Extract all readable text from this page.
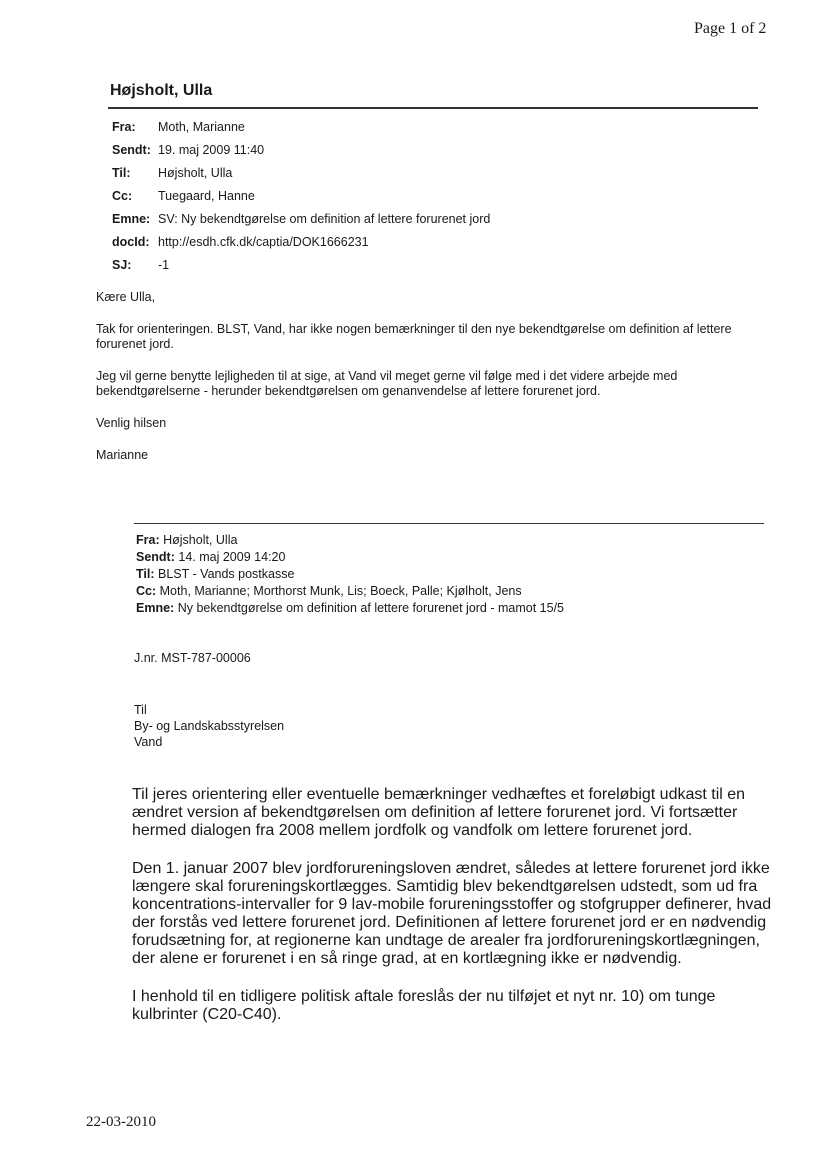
Page 1 of 2
Højsholt, Ulla
Fra:	Moth, Marianne
Sendt:	19. maj 2009 11:40
Til:	Højsholt, Ulla
Cc:	Tuegaard, Hanne
Emne:	SV: Ny bekendtgørelse om definition af lettere forurenet jord
docId:	http://esdh.cfk.dk/captia/DOK1666231
SJ:	-1

Kære Ulla,

Tak for orienteringen. BLST, Vand, har ikke nogen bemærkninger til den nye bekendtgørelse om definition af lettere forurenet jord.

Jeg vil gerne benytte lejligheden til at sige, at Vand vil meget gerne vil følge med i det videre arbejde med bekendtgørelserne - herunder bekendtgørelsen om genanvendelse af lettere forurenet jord.

Venlig hilsen

Marianne

Fra: Højsholt, Ulla
Sendt: 14. maj 2009 14:20
Til: BLST - Vands postkasse
Cc: Moth, Marianne; Morthorst Munk, Lis; Boeck, Palle; Kjølholt, Jens
Emne: Ny bekendtgørelse om definition af lettere forurenet jord - mamot 15/5
J.nr. MST-787-00006
Til
By- og Landskabsstyrelsen
Vand

Til jeres orientering eller eventuelle bemærkninger vedhæftes et foreløbigt udkast til en ændret version af bekendtgørelsen om definition af lettere forurenet jord. Vi fortsætter hermed dialogen fra 2008 mellem jordfolk og vandfolk om lettere forurenet jord.

Den 1. januar 2007 blev jordforureningsloven ændret, således at lettere forurenet jord ikke længere skal forureningskortlægges. Samtidig blev bekendtgørelsen udstedt, som ud fra koncentrations-intervaller for 9 lav-mobile forureningsstoffer og stofgrupper definerer, hvad der forstås ved lettere forurenet jord. Definitionen af lettere forurenet jord er en nødvendig forudsætning for, at regionerne kan undtage de arealer fra jordforureningskortlægningen, der alene er forurenet i en så ringe grad, at en kortlægning ikke er nødvendig.

I henhold til en tidligere politisk aftale foreslås der nu tilføjet et nyt nr. 10) om tunge kulbrinter (C20-C40).

22-03-2010
